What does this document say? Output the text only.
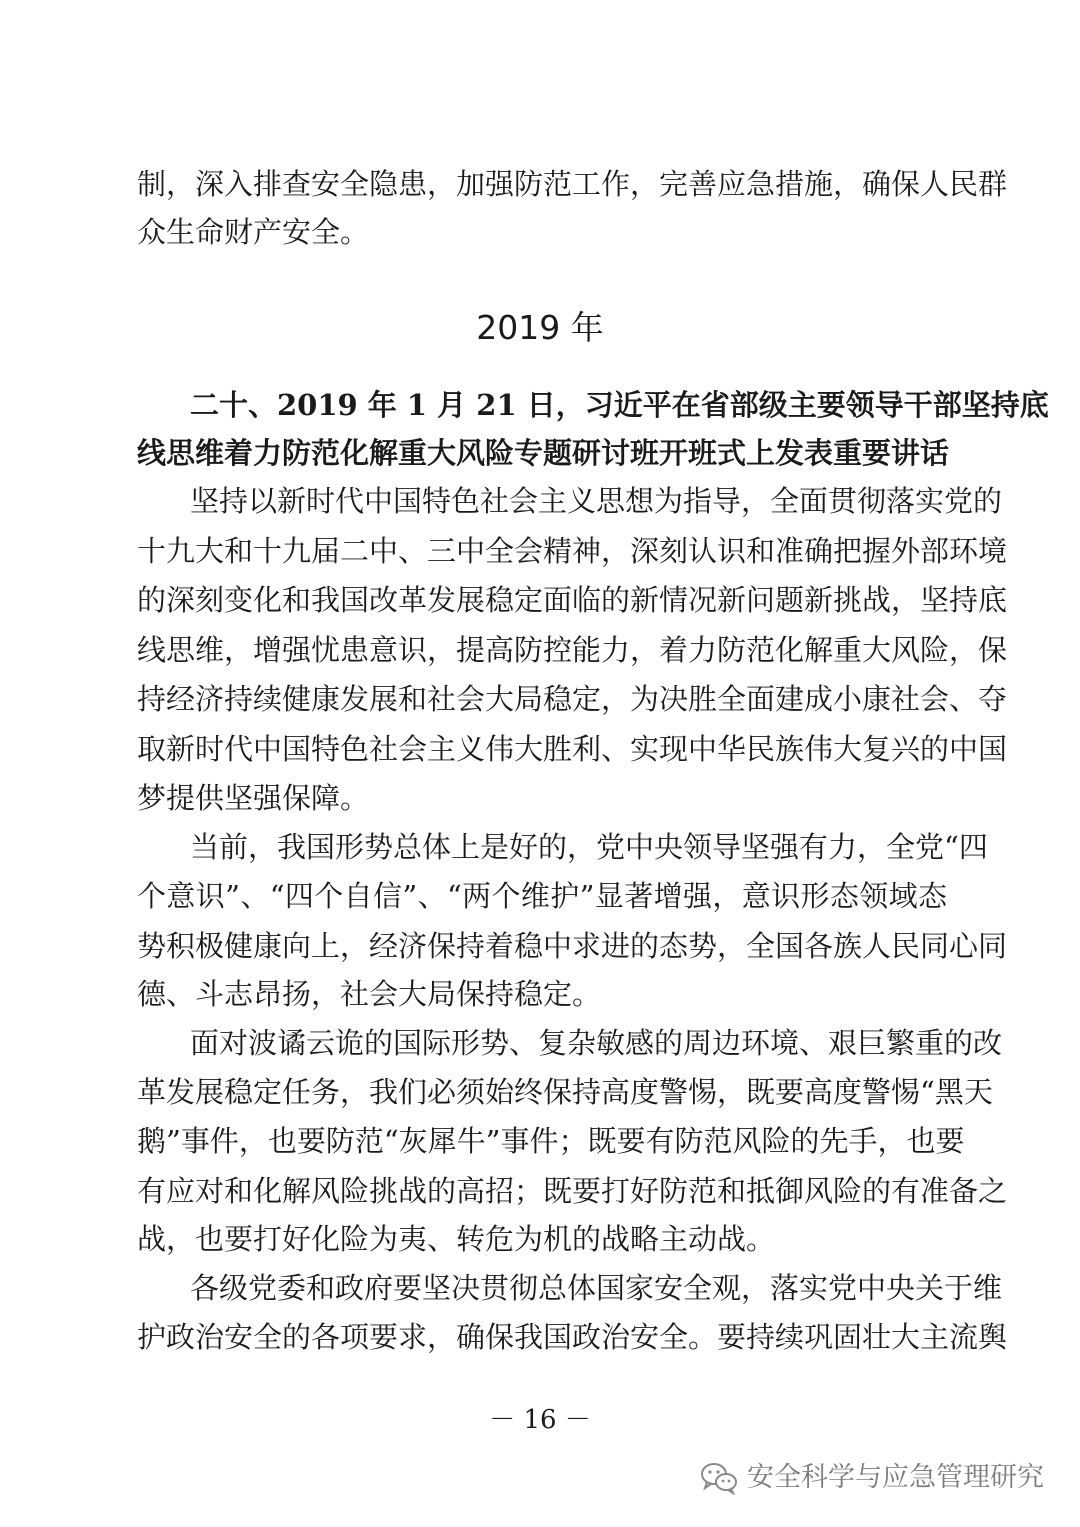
制，深入排查安全隐患，加强防范工作，完善应急措施，确保人民群
众生命财产安全。
2019 年
二十、2019 年 1 月 21 日，习近平在省部级主要领导干部坚持底
线思维着力防范化解重大风险专题研讨班开班式上发表重要讲话
坚持以新时代中国特色社会主义思想为指导，全面贯彻落实党的
十九大和十九届二中、三中全会精神，深刻认识和准确把握外部环境
的深刻变化和我国改革发展稳定面临的新情况新问题新挑战，坚持底
线思维，增强忧患意识，提高防控能力，着力防范化解重大风险，保
持经济持续健康发展和社会大局稳定，为决胜全面建成小康社会、夺
取新时代中国特色社会主义伟大胜利、实现中华民族伟大复兴的中国
梦提供坚强保障。
当前，我国形势总体上是好的，党中央领导坚强有力，全党“四
个意识”、“四个自信”、“两个维护”显著增强，意识形态领域态
势积极健康向上，经济保持着稳中求进的态势，全国各族人民同心同
德、斗志昂扬，社会大局保持稳定。
面对波谲云诡的国际形势、复杂敏感的周边环境、艰巨繁重的改
革发展稳定任务，我们必须始终保持高度警惕，既要高度警惕“黑天
鹅”事件，也要防范“灰犀牛”事件；既要有防范风险的先手，也要
有应对和化解风险挑战的高招；既要打好防范和抵御风险的有准备之
战，也要打好化险为夷、转危为机的战略主动战。
各级党委和政府要坚决贯彻总体国家安全观，落实党中央关于维
护政治安全的各项要求，确保我国政治安全。要持续巩固壮大主流舆
－ 16 －
安全科学与应急管理研究
